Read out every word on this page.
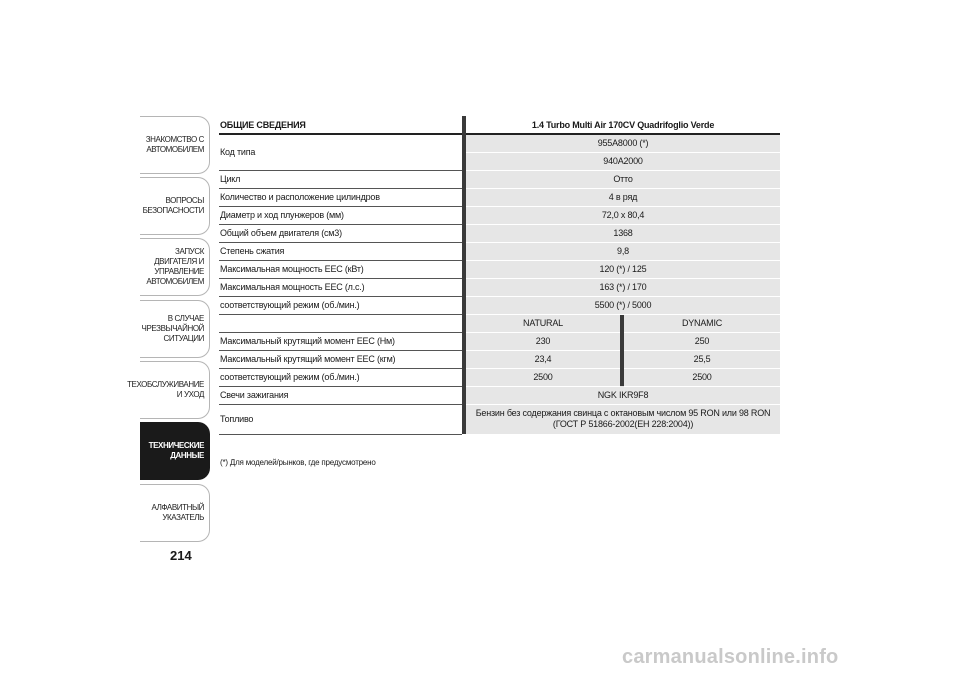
ЗНАКОМСТВО С
АВТОМОБИЛЕМ
ВОПРОСЫ
БЕЗОПАСНОСТИ
ЗАПУСК ДВИГАТЕЛЯ И
УПРАВЛЕНИЕ
АВТОМОБИЛЕМ
В СЛУЧАЕ
ЧРЕЗВЫЧАЙНОЙ
СИТУАЦИИ
ТЕХОБСЛУЖИВАНИЕ
И УХОД
ТЕХНИЧЕСКИЕ
ДАННЫЕ
АЛФАВИТНЫЙ
УКАЗАТЕЛЬ
214
ОБЩИЕ СВЕДЕНИЯ		1.4 Turbo Multi Air 170CV Quadrifoglio Verde		
Код типа		955A8000 (*)		
		940A2000		
Цикл		Отто		
Количество и расположение цилиндров		4 в ряд		
Диаметр и ход плунжеров (мм)		72,0 x 80,4		
Общий объем двигателя (см3)		1368		
Степень сжатия		9,8		
Максимальная мощность ЕЕС (кВт)		120 (*) / 125		
Максимальная мощность ЕЕС (л.с.)		163 (*) / 170		
соответствующий режим (об./мин.)		5500 (*) / 5000		
		NATURAL		DYNAMIC
Максимальный крутящий момент ЕЕС (Нм)		230		250
Максимальный крутящий момент ЕЕС (кгм)		23,4		25,5
соответствующий режим (об./мин.)		2500		2500
Свечи зажигания		NGK IKR9F8		
Топливо		Бензин без содержания свинца с октановым числом 95 RON или 98 RON
(ГОСТ Р 51866-2002(ЕН 228:2004))		
(*) Для моделей/рынков, где предусмотрено
carmanualsonline.info
